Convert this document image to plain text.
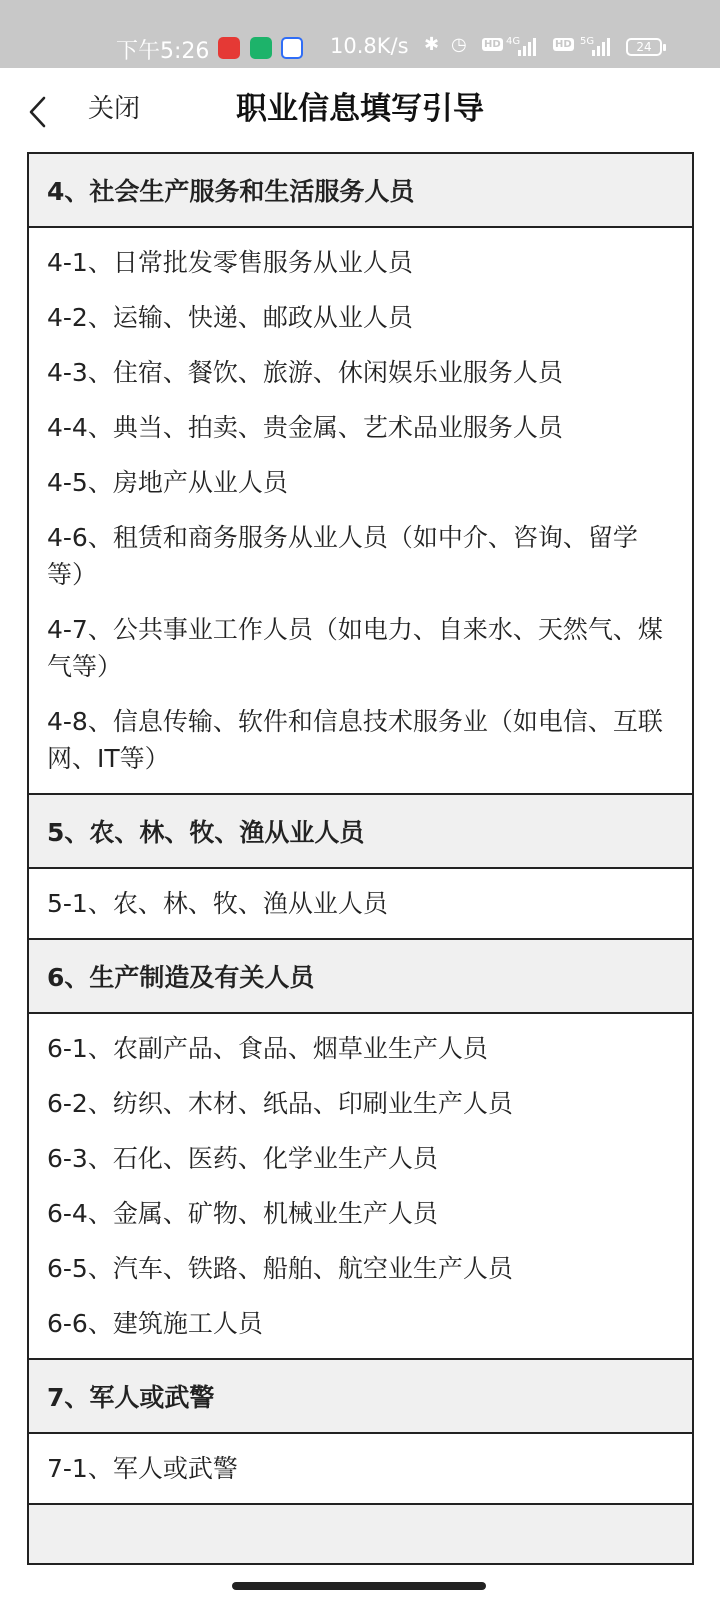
下午5:26	10.8K/s ✱ ◷ HD 4G	HD 5G	24
关闭	职业信息填写引导
4、社会生产服务和生活服务人员
4-1、日常批发零售服务从业人员
4-2、运输、快递、邮政从业人员
4-3、住宿、餐饮、旅游、休闲娱乐业服务人员
4-4、典当、拍卖、贵金属、艺术品业服务人员
4-5、房地产从业人员
4-6、租赁和商务服务从业人员（如中介、咨询、留学等）
4-7、公共事业工作人员（如电力、自来水、天然气、煤气等）
4-8、信息传输、软件和信息技术服务业（如电信、互联网、IT等）
5、农、林、牧、渔从业人员
5-1、农、林、牧、渔从业人员
6、生产制造及有关人员
6-1、农副产品、食品、烟草业生产人员
6-2、纺织、木材、纸品、印刷业生产人员
6-3、石化、医药、化学业生产人员
6-4、金属、矿物、机械业生产人员
6-5、汽车、铁路、船舶、航空业生产人员
6-6、建筑施工人员
7、军人或武警
7-1、军人或武警
